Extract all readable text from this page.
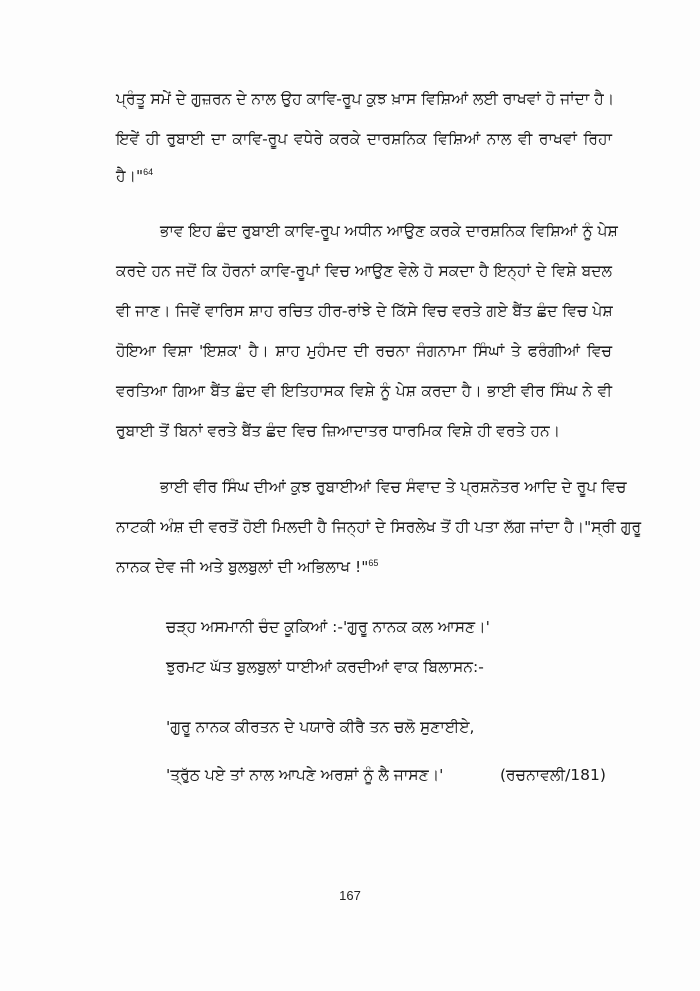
ਪ੍ਰੰਤੂ ਸਮੇਂ ਦੇ ਗੁਜ਼ਰਨ ਦੇ ਨਾਲ ਉਹ ਕਾਵਿ-ਰੂਪ ਕੁਝ ਖ਼ਾਸ ਵਿਸ਼ਿਆਂ ਲਈ ਰਾਖਵਾਂ ਹੋ ਜਾਂਦਾ ਹੈ।
ਇਵੇਂ ਹੀ ਰੁਬਾਈ ਦਾ ਕਾਵਿ-ਰੂਪ ਵਧੇਰੇ ਕਰਕੇ ਦਾਰਸ਼ਨਿਕ ਵਿਸ਼ਿਆਂ ਨਾਲ ਵੀ ਰਾਖਵਾਂ ਰਿਹਾ
ਹੈ।"$^{64}$
ਭਾਵ ਇਹ ਛੰਦ ਰੁਬਾਈ ਕਾਵਿ-ਰੂਪ ਅਧੀਨ ਆਉਣ ਕਰਕੇ ਦਾਰਸ਼ਨਿਕ ਵਿਸ਼ਿਆਂ ਨੂੰ ਪੇਸ਼
ਕਰਦੇ ਹਨ ਜਦੋਂ ਕਿ ਹੋਰਨਾਂ ਕਾਵਿ-ਰੂਪਾਂ ਵਿਚ ਆਉਣ ਵੇਲੇ ਹੋ ਸਕਦਾ ਹੈ ਇਨ੍ਹਾਂ ਦੇ ਵਿਸ਼ੇ ਬਦਲ
ਵੀ ਜਾਣ। ਜਿਵੇਂ ਵਾਰਿਸ ਸ਼ਾਹ ਰਚਿਤ ਹੀਰ-ਰਾਂਝੇ ਦੇ ਕਿੱਸੇ ਵਿਚ ਵਰਤੇ ਗਏ ਬੈਂਤ ਛੰਦ ਵਿਚ ਪੇਸ਼
ਹੋਇਆ ਵਿਸ਼ਾ 'ਇਸ਼ਕ' ਹੈ। ਸ਼ਾਹ ਮੁਹੰਮਦ ਦੀ ਰਚਨਾ ਜੰਗਨਾਮਾ ਸਿੰਘਾਂ ਤੇ ਫਰੰਗੀਆਂ ਵਿਚ
ਵਰਤਿਆ ਗਿਆ ਬੈਂਤ ਛੰਦ ਵੀ ਇਤਿਹਾਸਕ ਵਿਸ਼ੇ ਨੂੰ ਪੇਸ਼ ਕਰਦਾ ਹੈ। ਭਾਈ ਵੀਰ ਸਿੰਘ ਨੇ ਵੀ
ਰੁਬਾਈ ਤੋਂ ਬਿਨਾਂ ਵਰਤੇ ਬੈਂਤ ਛੰਦ ਵਿਚ ਜ਼ਿਆਦਾਤਰ ਧਾਰਮਿਕ ਵਿਸ਼ੇ ਹੀ ਵਰਤੇ ਹਨ।
ਭਾਈ ਵੀਰ ਸਿੰਘ ਦੀਆਂ ਕੁਝ ਰੁਬਾਈਆਂ ਵਿਚ ਸੰਵਾਦ ਤੇ ਪ੍ਰਸ਼ਨੋਤਰ ਆਦਿ ਦੇ ਰੂਪ ਵਿਚ
ਨਾਟਕੀ ਅੰਸ਼ ਦੀ ਵਰਤੋਂ ਹੋਈ ਮਿਲਦੀ ਹੈ ਜਿਨ੍ਹਾਂ ਦੇ ਸਿਰਲੇਖ ਤੋਂ ਹੀ ਪਤਾ ਲੱਗ ਜਾਂਦਾ ਹੈ।"ਸ੍ਰੀ ਗੁਰੂ
ਨਾਨਕ ਦੇਵ ਜੀ ਅਤੇ ਬੁਲਬੁਲਾਂ ਦੀ ਅਭਿਲਾਖ !"$^{65}$
ਚੜ੍ਹ ਅਸਮਾਨੀ ਚੰਦ ਕੂਕਿਆਂ :-'ਗੁਰੂ ਨਾਨਕ ਕਲ ਆਸਣ।'
ਝੁਰਮਟ ਘੱਤ ਬੁਲਬੁਲਾਂ ਧਾਈਆਂ ਕਰਦੀਆਂ ਵਾਕ ਬਿਲਾਸਨ:-
'ਗੁਰੂ ਨਾਨਕ ਕੀਰਤਨ ਦੇ ਪਯਾਰੇ ਕੀਰੈ ਤਨ ਚਲੋ ਸੁਣਾਈਏ,
'ਤ੍ਰੁੱਠ ਪਏ ਤਾਂ ਨਾਲ ਆਪਣੇ ਅਰਸ਼ਾਂ ਨੂੰ ਲੈ ਜਾਸਣ।'	(ਰਚਨਾਵਲੀ/181)
167
